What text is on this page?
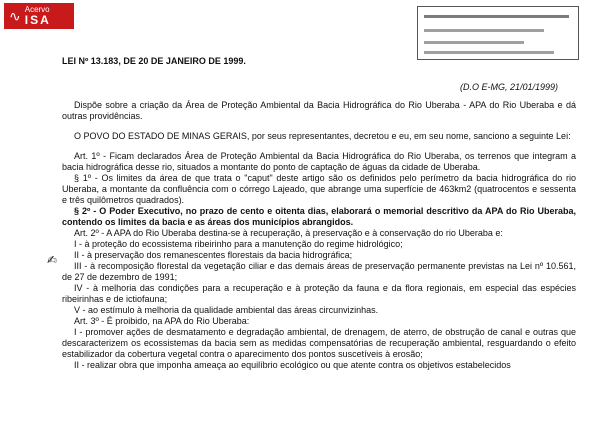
∿ Acervo
ISA
LEI Nº 13.183, DE 20 DE JANEIRO DE 1999.
(D.O E-MG, 21/01/1999)
✍

Dispõe sobre a criação da Área de Proteção Ambiental da Bacia Hidrográfica do Rio Uberaba - APA do Rio Uberaba e dá outras providências.

O POVO DO ESTADO DE MINAS GERAIS, por seus representantes, decretou e eu, em seu nome, sanciono a seguinte Lei:

Art. 1º - Ficam declarados Área de Proteção Ambiental da Bacia Hidrográfica do Rio Uberaba, os terrenos que integram a bacia hidrográfica desse rio, situados a montante do ponto de captação de águas da cidade de Uberaba.

§ 1º - Os limites da área de que trata o "caput" deste artigo são os definidos pelo perímetro da bacia hidrográfica do rio Uberaba, a montante da confluência com o córrego Lajeado, que abrange uma superfície de 463km2 (quatrocentos e sessenta e três quilômetros quadrados).

§ 2º - O Poder Executivo, no prazo de cento e oitenta dias, elaborará o memorial descritivo da APA do Rio Uberaba, contendo os limites da bacia e as áreas dos municípios abrangidos.

Art. 2º - A APA do Rio Uberaba destina-se à recuperação, à preservação e à conservação do rio Uberaba e:

I - à proteção do ecossistema ribeirinho para a manutenção do regime hidrológico;

II - à preservação dos remanescentes florestais da bacia hidrográfica;

III - à recomposição florestal da vegetação ciliar e das demais áreas de preservação permanente previstas na Lei nº 10.561, de 27 de dezembro de 1991;

IV - à melhoria das condições para a recuperação e à proteção da fauna e da flora regionais, em especial das espécies ribeirinhas e de ictiofauna;

V - ao estímulo à melhoria da qualidade ambiental das áreas circunvizinhas.

Art. 3º - É proibido, na APA do Rio Uberaba:

I - promover ações de desmatamento e degradação ambiental, de drenagem, de aterro, de obstrução de canal e outras que descaracterizem os ecossistemas da bacia sem as medidas compensatórias de recuperação ambiental, resguardando o efeito estabilizador da cobertura vegetal contra o aparecimento dos pontos suscetíveis à erosão;

II - realizar obra que imponha ameaça ao equilíbrio ecológico ou que atente contra os objetivos estabelecidos
